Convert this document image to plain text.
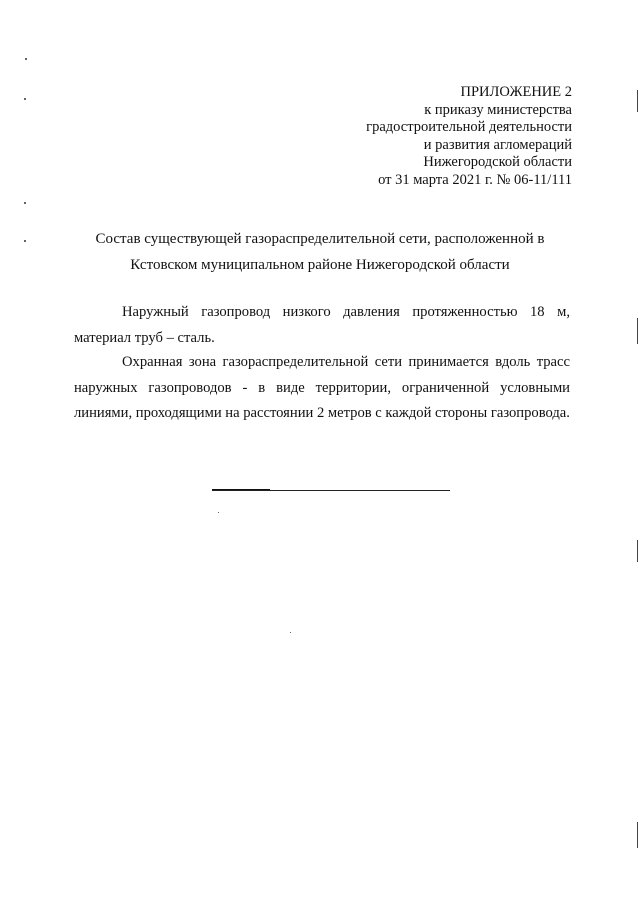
ПРИЛОЖЕНИЕ 2
к приказу министерства
градостроительной деятельности
и развития агломераций
Нижегородской области
от 31 марта 2021 г. № 06-11/111
Состав существующей газораспределительной сети, расположенной в
Кстовском муниципальном районе Нижегородской области
Наружный газопровод низкого давления протяженностью 18 м, материал труб – сталь.
Охранная зона газораспределительной сети принимается вдоль трасс наружных газопроводов - в виде территории, ограниченной условными линиями, проходящими на расстоянии 2 метров с каждой стороны газопровода.
